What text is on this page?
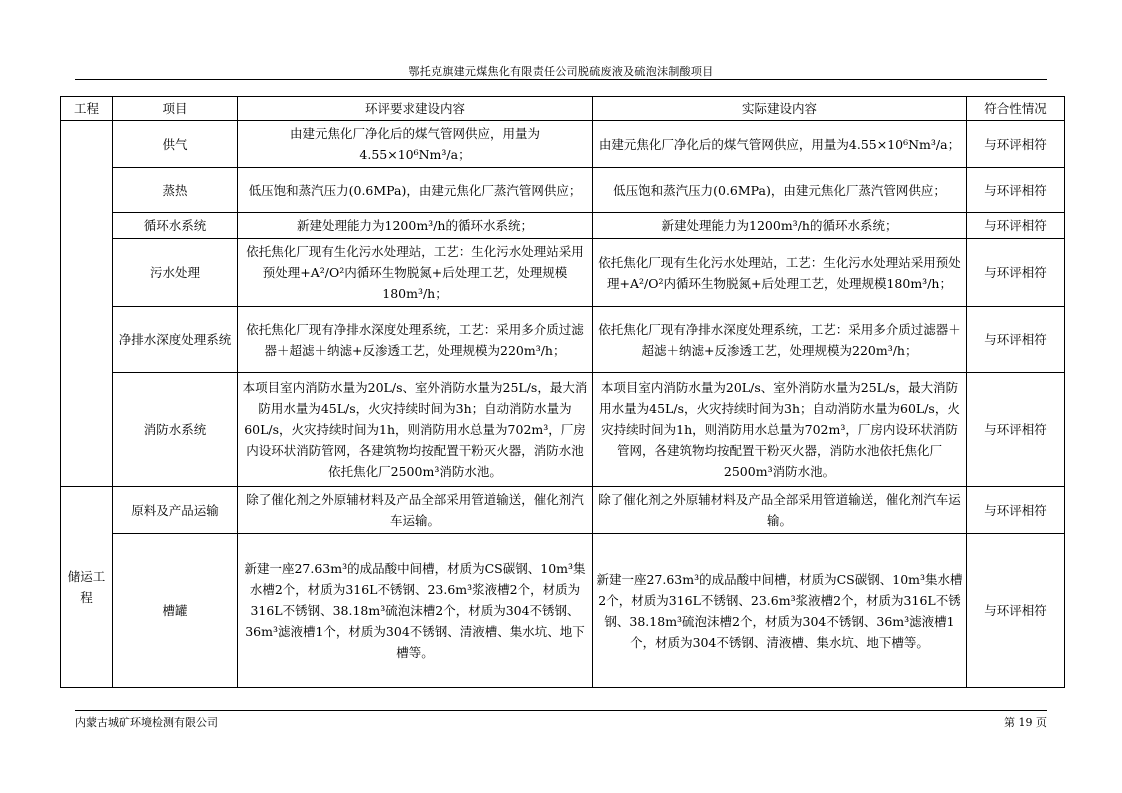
鄂托克旗建元煤焦化有限责任公司脱硫废液及硫泡沫制酸项目
工程	项目	环评要求建设内容	实际建设内容	符合性情况
	供气	由建元焦化厂净化后的煤气管网供应，用量为4.55×10⁶Nm³/a；	由建元焦化厂净化后的煤气管网供应，用量为4.55×10⁶Nm³/a；	与环评相符
	蒸热	低压饱和蒸汽压力(0.6MPa)，由建元焦化厂蒸汽管网供应；	低压饱和蒸汽压力(0.6MPa)，由建元焦化厂蒸汽管网供应；	与环评相符
	循环水系统	新建处理能力为1200m³/h的循环水系统；	新建处理能力为1200m³/h的循环水系统；	与环评相符
	污水处理	依托焦化厂现有生化污水处理站，工艺：生化污水处理站采用预处理+A²/O²内循环生物脱氮+后处理工艺，处理规模180m³/h；	依托焦化厂现有生化污水处理站，工艺：生化污水处理站采用预处理+A²/O²内循环生物脱氮+后处理工艺，处理规模180m³/h；	与环评相符
	净排水深度处理系统	依托焦化厂现有净排水深度处理系统，工艺：采用多介质过滤器＋超滤＋纳滤+反渗透工艺，处理规模为220m³/h；	依托焦化厂现有净排水深度处理系统，工艺：采用多介质过滤器＋超滤＋纳滤+反渗透工艺，处理规模为220m³/h；	与环评相符
	消防水系统	本项目室内消防水量为20L/s、室外消防水量为25L/s，最大消防用水量为45L/s，火灾持续时间为3h；自动消防水量为60L/s，火灾持续时间为1h，则消防用水总量为702m³，厂房内设环状消防管网，各建筑物均按配置干粉灭火器，消防水池依托焦化厂2500m³消防水池。	本项目室内消防水量为20L/s、室外消防水量为25L/s，最大消防用水量为45L/s，火灾持续时间为3h；自动消防水量为60L/s，火灾持续时间为1h，则消防用水总量为702m³，厂房内设环状消防管网，各建筑物均按配置干粉灭火器，消防水池依托焦化厂2500m³消防水池。	与环评相符
储运工程	原料及产品运输	除了催化剂之外原辅材料及产品全部采用管道输送，催化剂汽车运输。	除了催化剂之外原辅材料及产品全部采用管道输送，催化剂汽车运输。	与环评相符
	槽罐	新建一座27.63m³的成品酸中间槽，材质为CS碳钢、10m³集水槽2个，材质为316L不锈钢、23.6m³浆液槽2个，材质为316L不锈钢、38.18m³硫泡沫槽2个，材质为304不锈钢、36m³滤液槽1个，材质为304不锈钢、清液槽、集水坑、地下槽等。	新建一座27.63m³的成品酸中间槽，材质为CS碳钢、10m³集水槽2个，材质为316L不锈钢、23.6m³浆液槽2个，材质为316L不锈钢、38.18m³硫泡沫槽2个，材质为304不锈钢、36m³滤液槽1个，材质为304不锈钢、清液槽、集水坑、地下槽等。	与环评相符
内蒙古城矿环境检测有限公司	第 19 页
